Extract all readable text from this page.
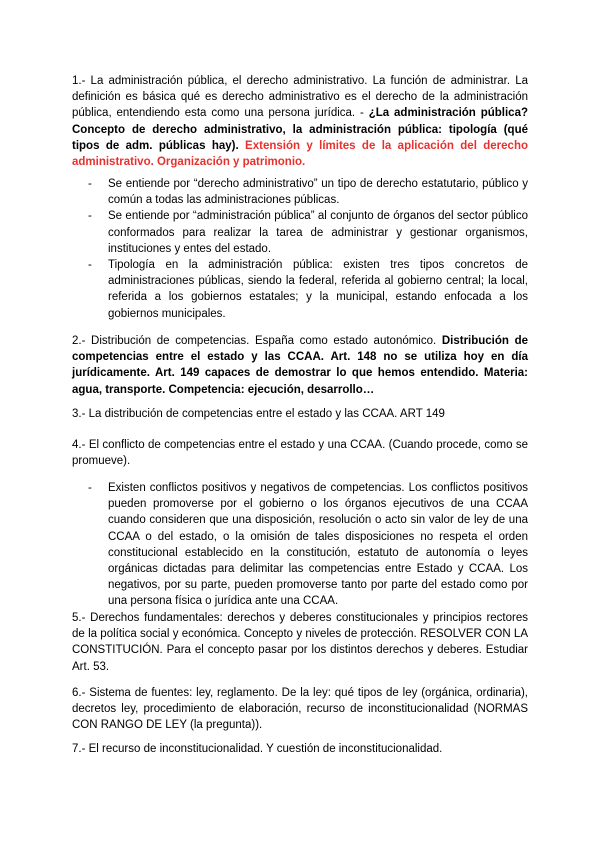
1.- La administración pública, el derecho administrativo. La función de administrar. La definición es básica qué es derecho administrativo es el derecho de la administración pública, entendiendo esta como una persona jurídica. - ¿La administración pública? Concepto de derecho administrativo, la administración pública: tipología (qué tipos de adm. públicas hay). Extensión y límites de la aplicación del derecho administrativo. Organización y patrimonio.

- Se entiende por “derecho administrativo” un tipo de derecho estatutario, público y común a todas las administraciones públicas.
- Se entiende por “administración pública” al conjunto de órganos del sector público conformados para realizar la tarea de administrar y gestionar organismos, instituciones y entes del estado.
- Tipología en la administración pública: existen tres tipos concretos de administraciones públicas, siendo la federal, referida al gobierno central; la local, referida a los gobiernos estatales; y la municipal, estando enfocada a los gobiernos municipales.

2.- Distribución de competencias. España como estado autonómico. Distribución de competencias entre el estado y las CCAA. Art. 148 no se utiliza hoy en día jurídicamente. Art. 149 capaces de demostrar lo que hemos entendido. Materia: agua, transporte. Competencia: ejecución, desarrollo…

3.- La distribución de competencias entre el estado y las CCAA. ART 149

4.- El conflicto de competencias entre el estado y una CCAA. (Cuando procede, como se promueve).

- Existen conflictos positivos y negativos de competencias. Los conflictos positivos pueden promoverse por el gobierno o los órganos ejecutivos de una CCAA cuando consideren que una disposición, resolución o acto sin valor de ley de una CCAA o del estado, o la omisión de tales disposiciones no respeta el orden constitucional establecido en la constitución, estatuto de autonomía o leyes orgánicas dictadas para delimitar las competencias entre Estado y CCAA. Los negativos, por su parte, pueden promoverse tanto por parte del estado como por una persona física o jurídica ante una CCAA.

5.- Derechos fundamentales: derechos y deberes constitucionales y principios rectores de la política social y económica. Concepto y niveles de protección. RESOLVER CON LA CONSTITUCIÓN. Para el concepto pasar por los distintos derechos y deberes. Estudiar Art. 53.

6.- Sistema de fuentes: ley, reglamento. De la ley: qué tipos de ley (orgánica, ordinaria), decretos ley, procedimiento de elaboración, recurso de inconstitucionalidad (NORMAS CON RANGO DE LEY (la pregunta)).

7.- El recurso de inconstitucionalidad. Y cuestión de inconstitucionalidad.
